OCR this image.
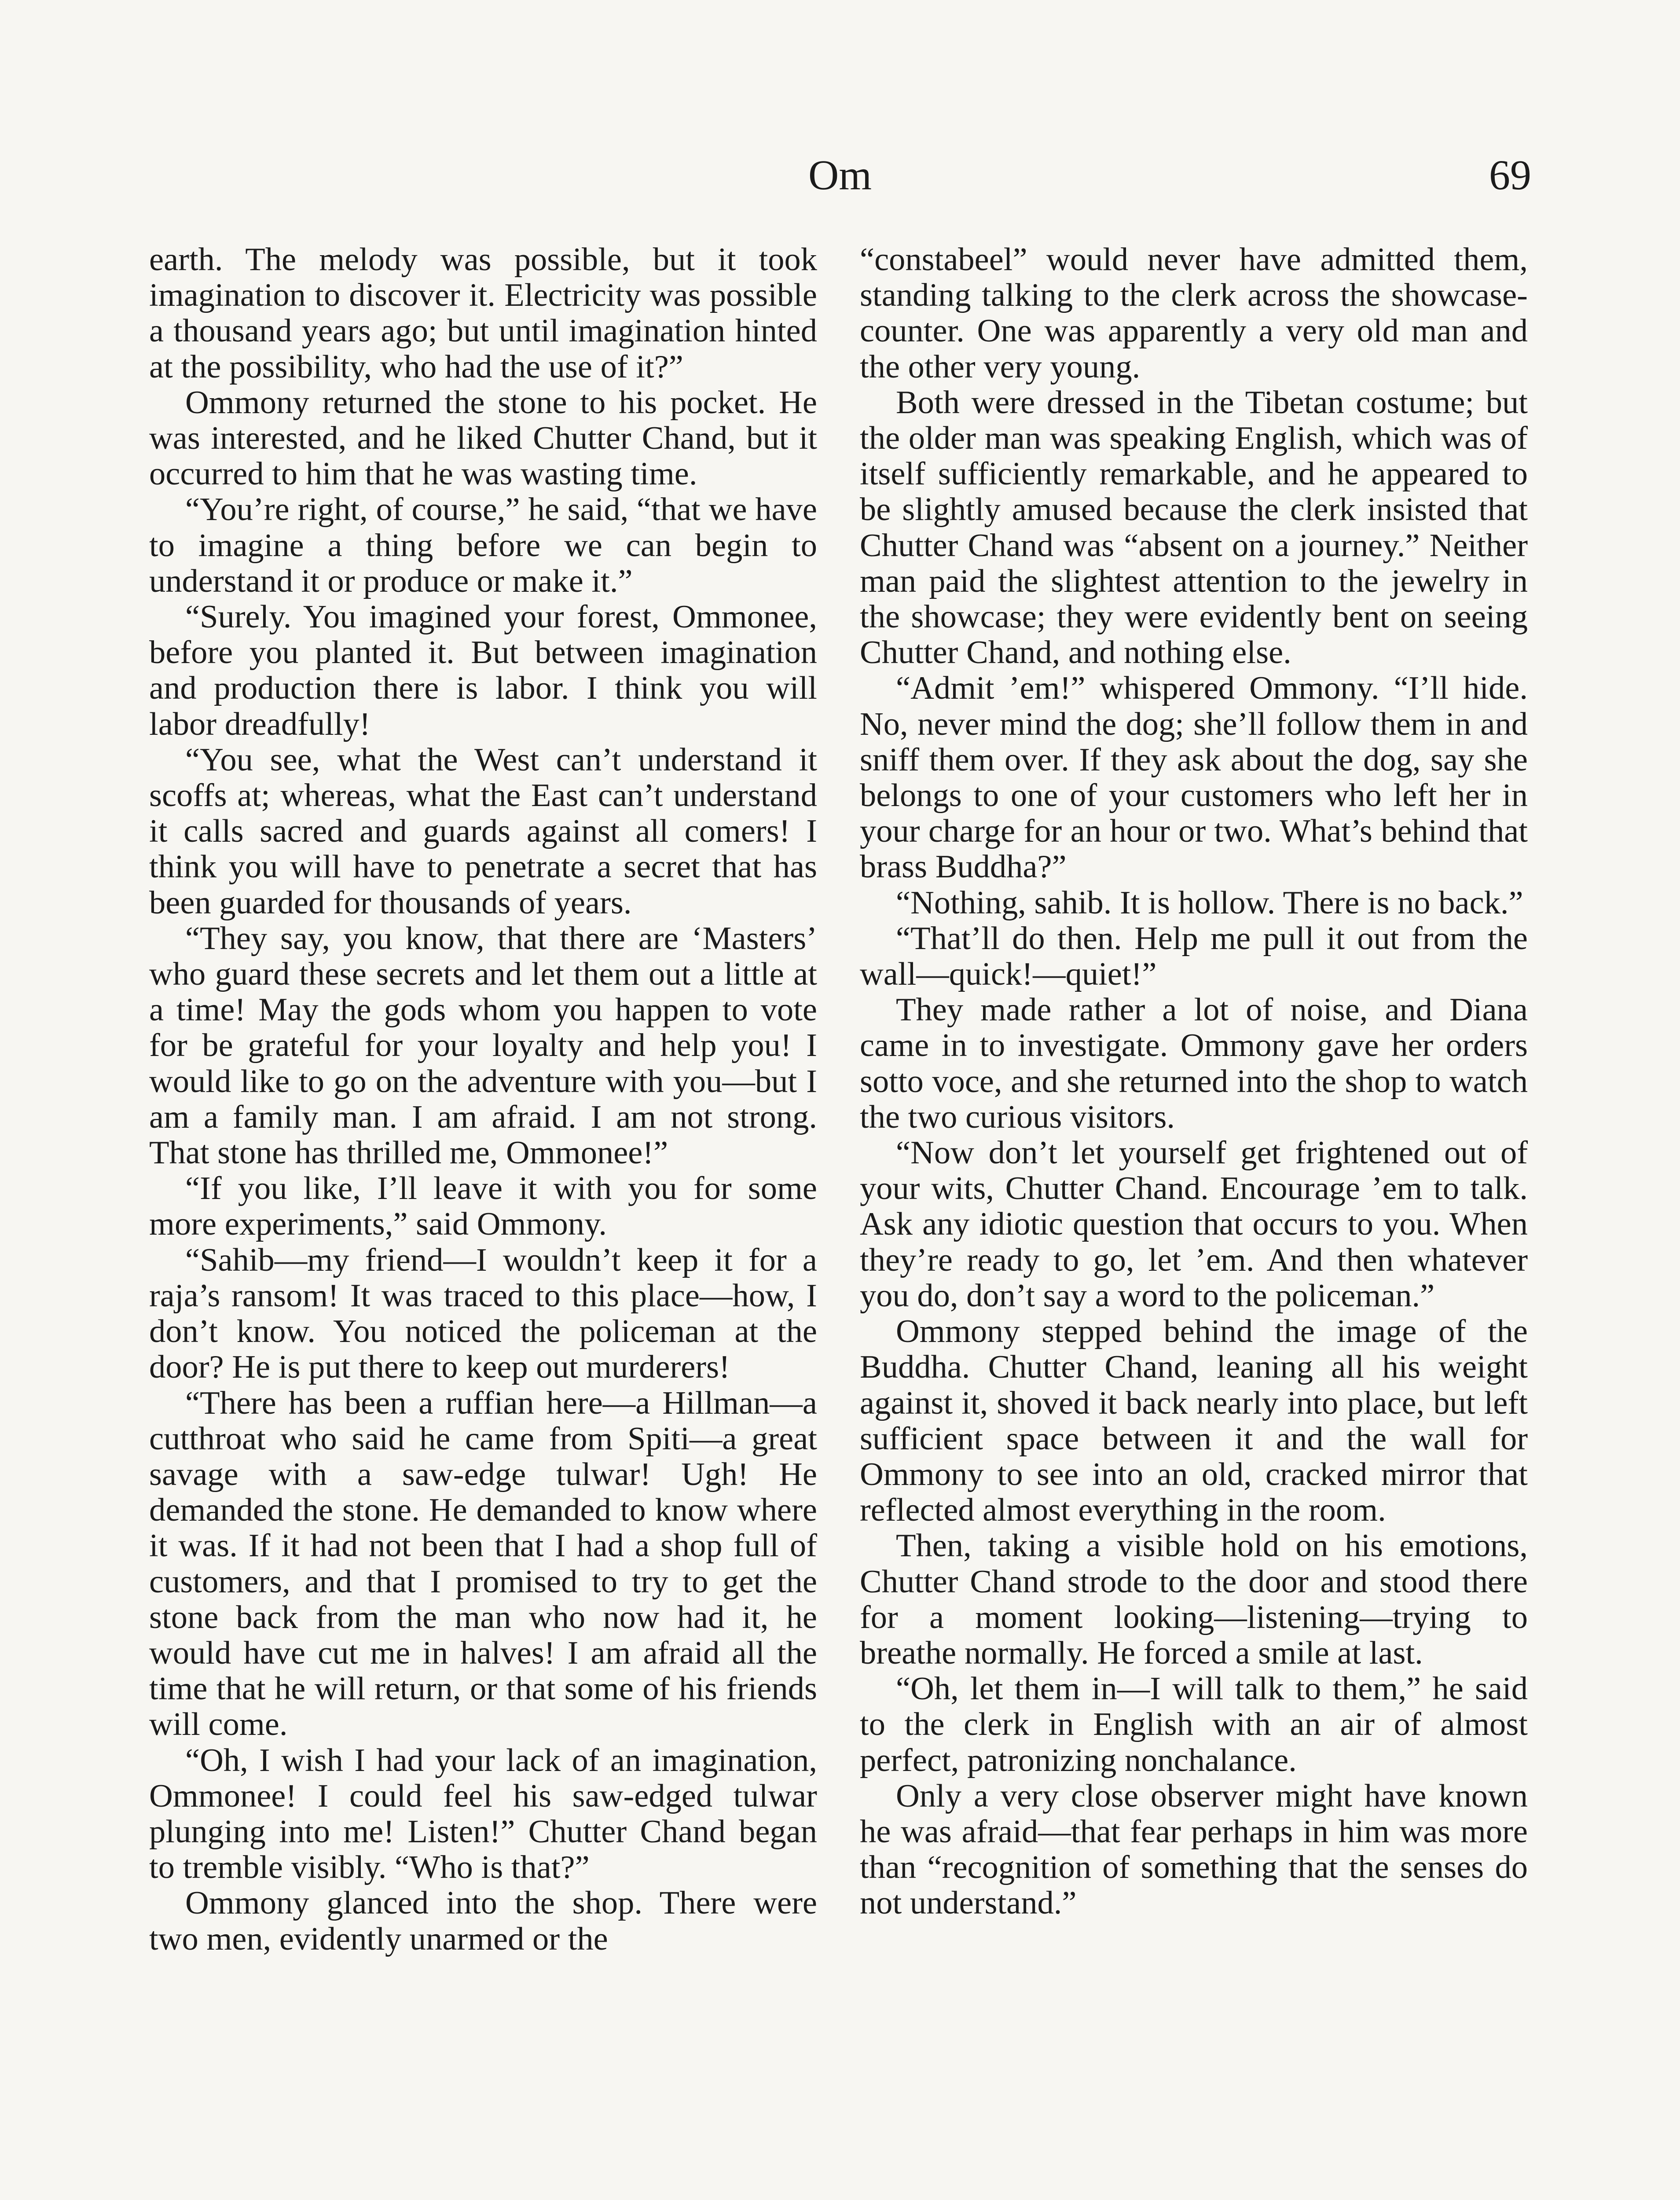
Om	69

earth. The melody was possible, but it took imagination to discover it. Electricity was possible a thousand years ago; but until imagination hinted at the possibility, who had the use of it?”

Ommony returned the stone to his pocket. He was interested, and he liked Chutter Chand, but it occurred to him that he was wasting time.

“You’re right, of course,” he said, “that we have to imagine a thing before we can begin to understand it or produce or make it.”

“Surely. You imagined your forest, Ommonee, before you planted it. But between imagination and production there is labor. I think you will labor dreadfully!

“You see, what the West can’t understand it scoffs at; whereas, what the East can’t understand it calls sacred and guards against all comers! I think you will have to penetrate a secret that has been guarded for thousands of years.

“They say, you know, that there are ‘Masters’ who guard these secrets and let them out a little at a time! May the gods whom you happen to vote for be grateful for your loyalty and help you! I would like to go on the adventure with you—but I am a family man. I am afraid. I am not strong. That stone has thrilled me, Ommonee!”

“If you like, I’ll leave it with you for some more experiments,” said Ommony.

“Sahib—my friend—I wouldn’t keep it for a raja’s ransom! It was traced to this place—how, I don’t know. You noticed the policeman at the door? He is put there to keep out murderers!

“There has been a ruffian here—a Hillman—a cutthroat who said he came from Spiti—a great savage with a saw-edge tulwar! Ugh! He demanded the stone. He demanded to know where it was. If it had not been that I had a shop full of customers, and that I promised to try to get the stone back from the man who now had it, he would have cut me in halves! I am afraid all the time that he will return, or that some of his friends will come.

“Oh, I wish I had your lack of an imagination, Ommonee! I could feel his saw-edged tulwar plunging into me! Listen!” Chutter Chand began to tremble visibly. “Who is that?”

Ommony glanced into the shop. There were two men, evidently unarmed or the

“constabeel” would never have admitted them, standing talking to the clerk across the showcase-counter. One was apparently a very old man and the other very young.

Both were dressed in the Tibetan costume; but the older man was speaking English, which was of itself sufficiently remarkable, and he appeared to be slightly amused because the clerk insisted that Chutter Chand was “absent on a journey.” Neither man paid the slightest attention to the jewelry in the showcase; they were evidently bent on seeing Chutter Chand, and nothing else.

“Admit ’em!” whispered Ommony. “I’ll hide. No, never mind the dog; she’ll follow them in and sniff them over. If they ask about the dog, say she belongs to one of your customers who left her in your charge for an hour or two. What’s behind that brass Buddha?”

“Nothing, sahib. It is hollow. There is no back.”

“That’ll do then. Help me pull it out from the wall—quick!—quiet!”

They made rather a lot of noise, and Diana came in to investigate. Ommony gave her orders sotto voce, and she returned into the shop to watch the two curious visitors.

“Now don’t let yourself get frightened out of your wits, Chutter Chand. Encourage ’em to talk. Ask any idiotic question that occurs to you. When they’re ready to go, let ’em. And then whatever you do, don’t say a word to the policeman.”

Ommony stepped behind the image of the Buddha. Chutter Chand, leaning all his weight against it, shoved it back nearly into place, but left sufficient space between it and the wall for Ommony to see into an old, cracked mirror that reflected almost everything in the room.

Then, taking a visible hold on his emotions, Chutter Chand strode to the door and stood there for a moment looking—listening—trying to breathe normally. He forced a smile at last.

“Oh, let them in—I will talk to them,” he said to the clerk in English with an air of almost perfect, patronizing nonchalance.

Only a very close observer might have known he was afraid—that fear perhaps in him was more than “recognition of something that the senses do not understand.”
